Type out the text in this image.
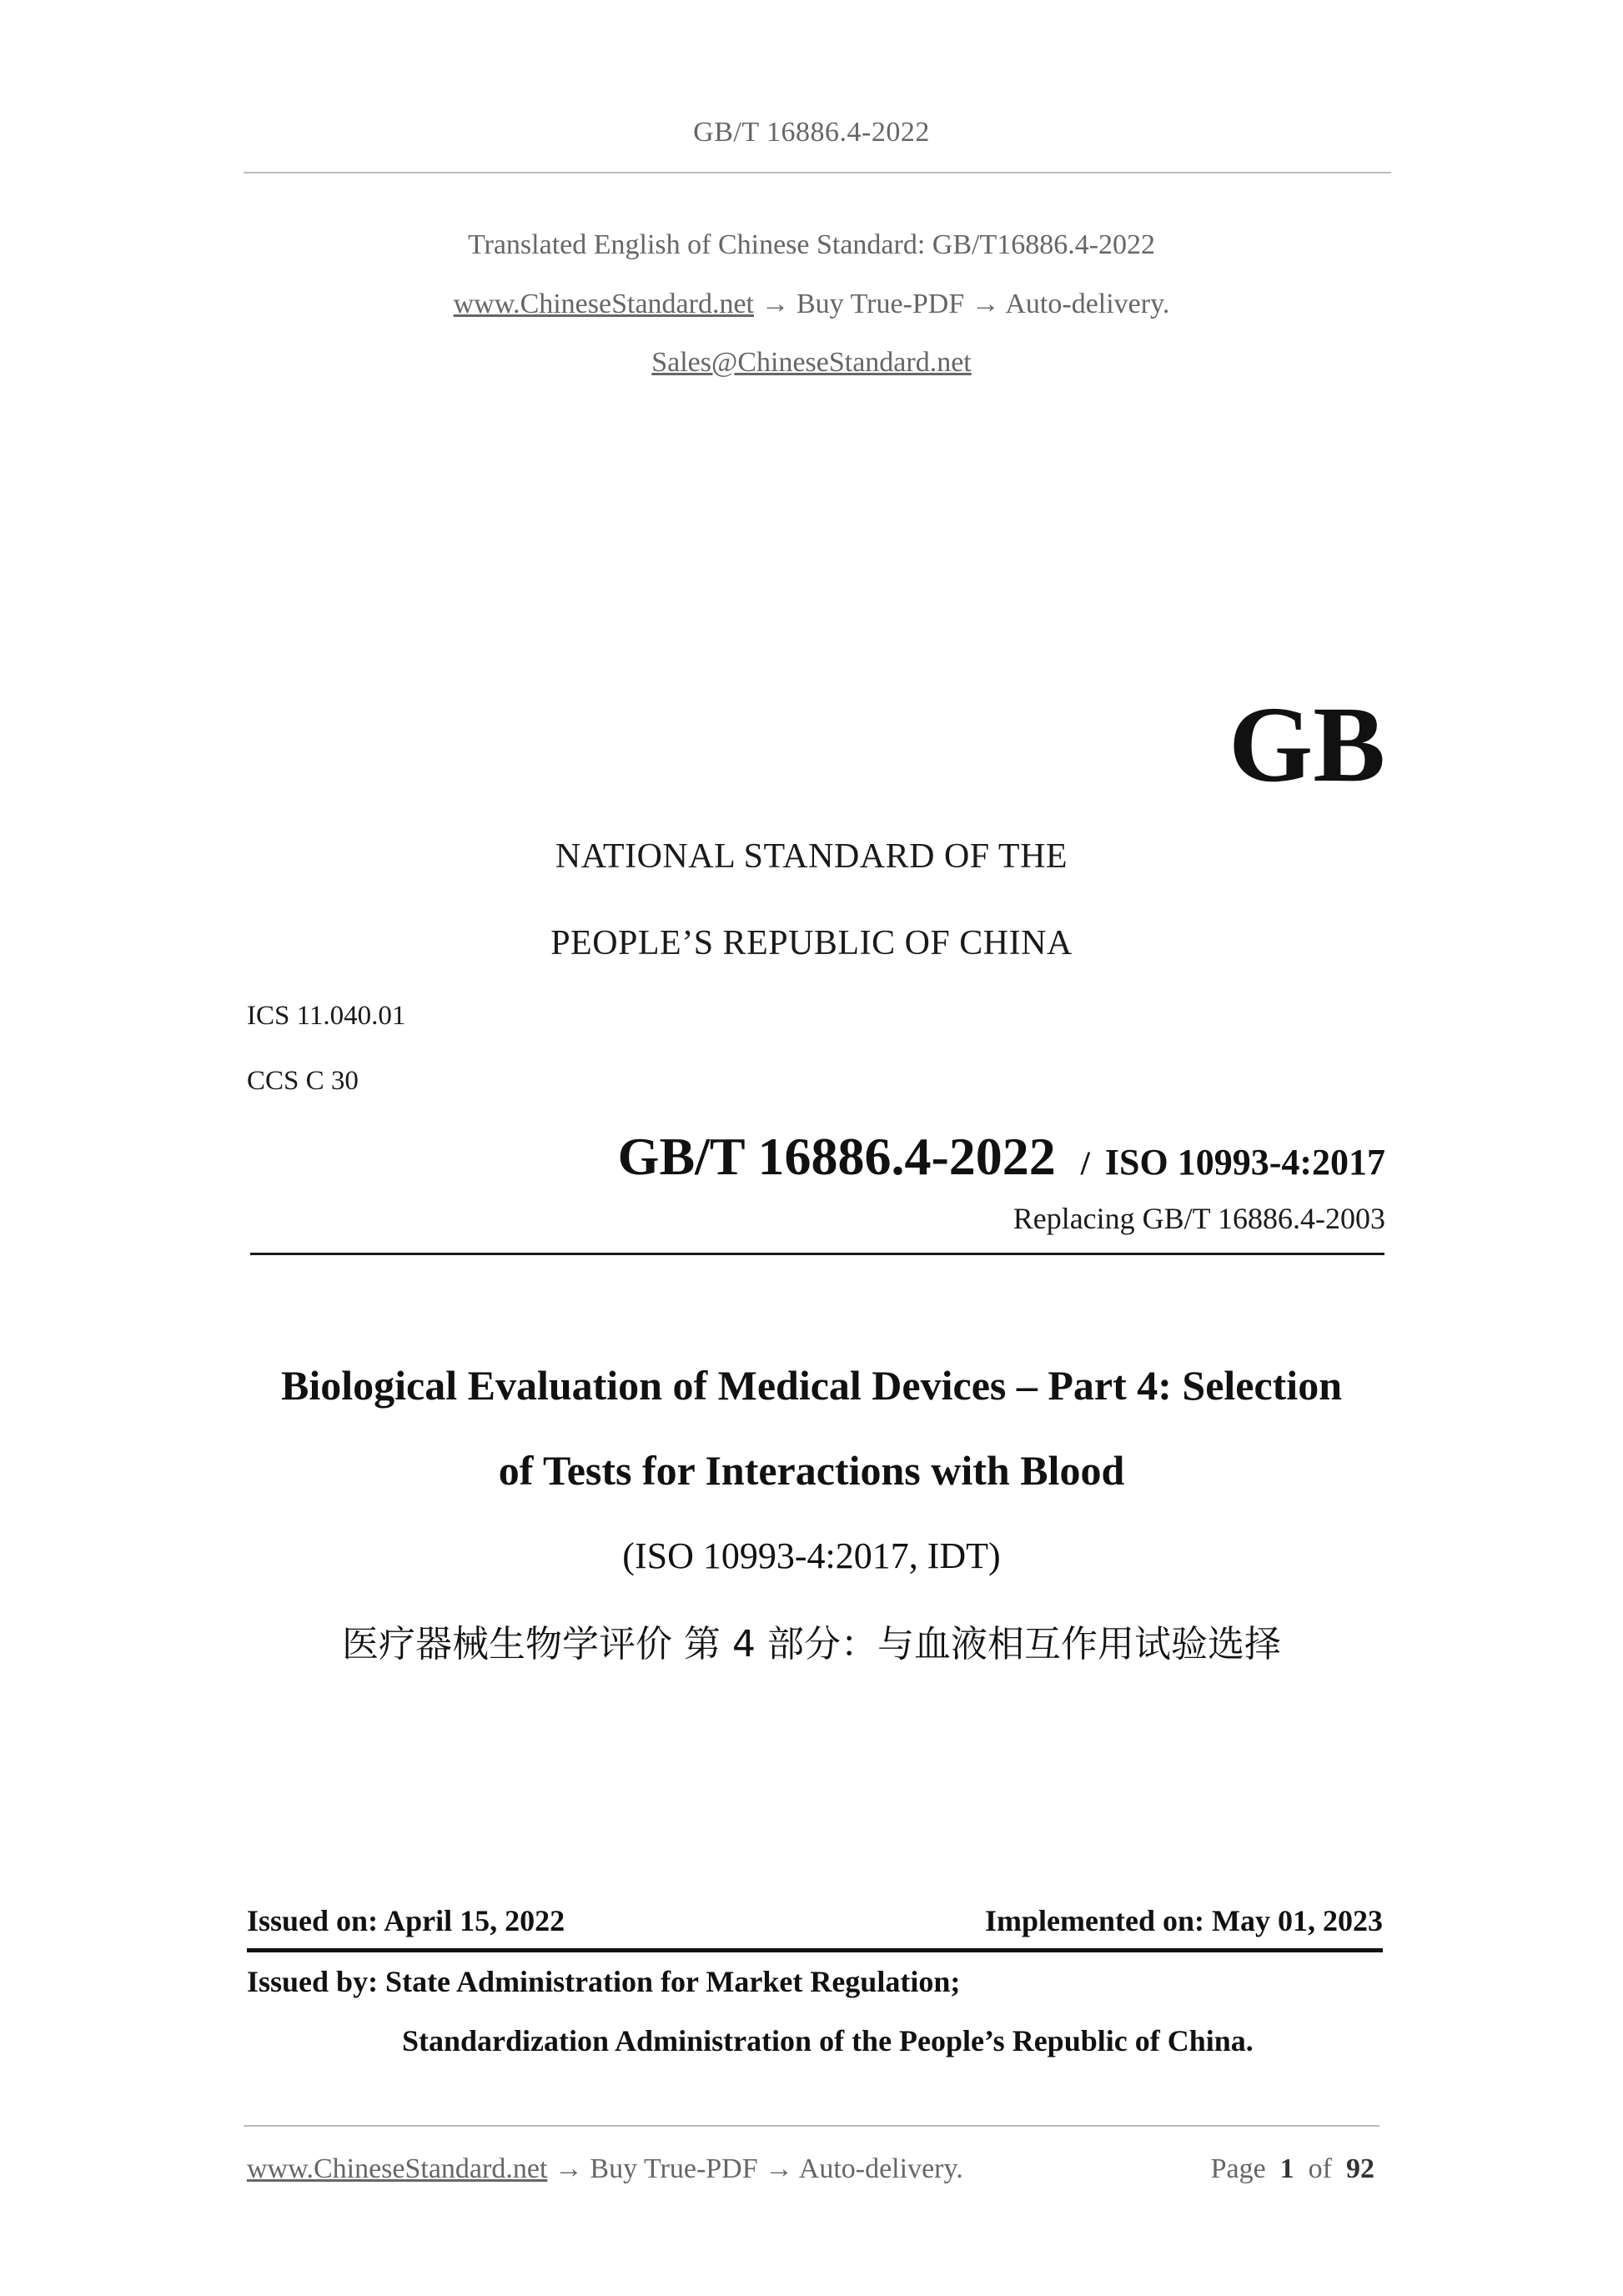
GB/T 16886.4-2022
Translated English of Chinese Standard: GB/T16886.4-2022
www.ChineseStandard.net → Buy True-PDF → Auto-delivery.
Sales@ChineseStandard.net
GB
NATIONAL STANDARD OF THE
PEOPLE’S REPUBLIC OF CHINA
ICS 11.040.01
CCS C 30
GB/T 16886.4-2022 / ISO 10993-4:2017
Replacing GB/T 16886.4-2003
Biological Evaluation of Medical Devices – Part 4: Selection
of Tests for Interactions with Blood
(ISO 10993-4:2017, IDT)
医疗器械生物学评价 第 4 部分：与血液相互作用试验选择
Issued on: April 15, 2022	Implemented on: May 01, 2023
Issued by: State Administration for Market Regulation;
Standardization Administration of the People’s Republic of China.
www.ChineseStandard.net → Buy True-PDF → Auto-delivery.	Page 1 of 92
